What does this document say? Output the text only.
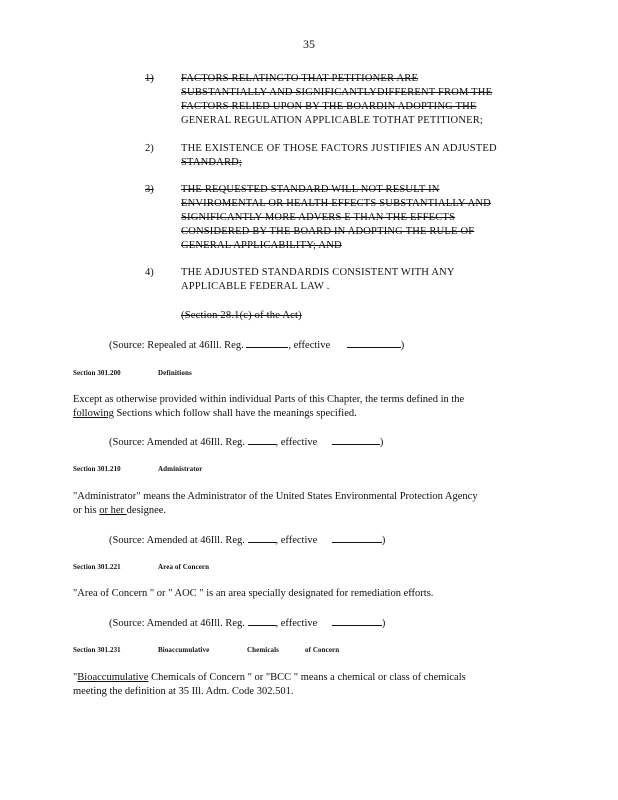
35
1)	FACTORS RELATINGTO THAT PETITIONER ARE
SUBSTANTIALLY AND SIGNIFICANTLYDIFFERENT FROM THE
FACTORS RELIED UPON BY THE BOARDIN ADOPTING THE
GENERAL REGULATION APPLICABLE TOTHAT PETITIONER;
2)	THE EXISTENCE OF THOSE FACTORS JUSTIFIES AN ADJUSTED
STANDARD;
3)	THE REQUESTED STANDARD WILL NOT RESULT IN
ENVIROMENTAL OR HEALTH EFFECTS SUBSTANTIALLY AND
SIGNIFICANTLY MORE ADVERS E THAN THE EFFECTS
CONSIDERED BY THE BOARD IN ADOPTING THE RULE OF
GENERAL APPLICABILITY; AND
4)	THE ADJUSTED STANDARDIS CONSISTENT WITH ANY
APPLICABLE FEDERAL LAW .
(Section 28.1(c) of the Act)
(Source: Repealed at 46Ill. Reg.	, effective	)
Section 301.200	Definitions
Except as otherwise provided within individual Parts of this Chapter, the terms defined in the
following Sections which follow shall have the meanings specified.
(Source: Amended at 46Ill. Reg.	, effective	)
Section 301.210	Administrator
"Administrator" means the Administrator of the United States Environmental Protection Agency
or his or her designee.
(Source: Amended at 46Ill. Reg.	, effective	)
Section 301.221	Area of Concern
"Area of Concern " or " AOC " is an area specially designated for remediation efforts.
(Source: Amended at 46Ill. Reg.	, effective	)
Section 301.231	Bioaccumulative	Chemicals	of Concern
"Bioaccumulative Chemicals of Concern " or "BCC " means a chemical or class of chemicals
meeting the definition at 35 Ill. Adm. Code 302.501.
